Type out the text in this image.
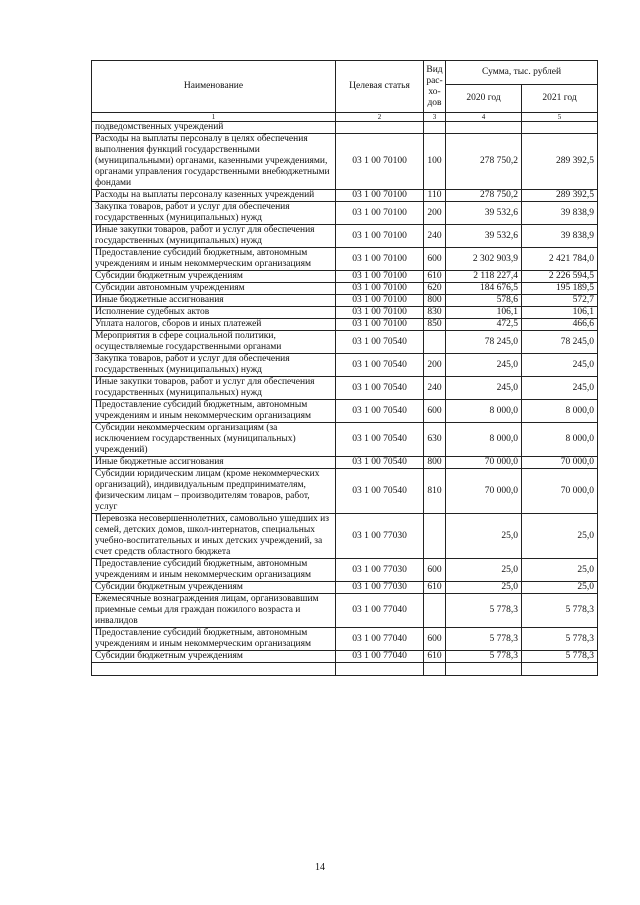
Наименование	Целевая статья	Вид рас-хо-дов	Сумма, тыс. рублей	
			2020 год	2021 год
1	2	3	4	5
подведомственных учреждений				
Расходы на выплаты персоналу в целях обеспечения выполнения функций государственными (муниципальными) органами, казенными учреждениями, органами управления государственными внебюджетными фондами	03 1 00 70100	100	278 750,2	289 392,5
Расходы на выплаты персоналу казенных учреждений	03 1 00 70100	110	278 750,2	289 392,5
Закупка товаров, работ и услуг для обеспечения государственных (муниципальных) нужд	03 1 00 70100	200	39 532,6	39 838,9
Иные закупки товаров, работ и услуг для обеспечения государственных (муниципальных) нужд	03 1 00 70100	240	39 532,6	39 838,9
Предоставление субсидий бюджетным, автономным учреждениям и иным некоммерческим организациям	03 1 00 70100	600	2 302 903,9	2 421 784,0
Субсидии бюджетным учреждениям	03 1 00 70100	610	2 118 227,4	2 226 594,5
Субсидии автономным учреждениям	03 1 00 70100	620	184 676,5	195 189,5
Иные бюджетные ассигнования	03 1 00 70100	800	578,6	572,7
Исполнение судебных актов	03 1 00 70100	830	106,1	106,1
Уплата налогов, сборов и иных платежей	03 1 00 70100	850	472,5	466,6
Мероприятия в сфере социальной политики, осуществляемые государственными органами	03 1 00 70540		78 245,0	78 245,0
Закупка товаров, работ и услуг для обеспечения государственных (муниципальных) нужд	03 1 00 70540	200	245,0	245,0
Иные закупки товаров, работ и услуг для обеспечения государственных (муниципальных) нужд	03 1 00 70540	240	245,0	245,0
Предоставление субсидий бюджетным, автономным учреждениям и иным некоммерческим организациям	03 1 00 70540	600	8 000,0	8 000,0
Субсидии некоммерческим организациям (за исключением государственных (муниципальных) учреждений)	03 1 00 70540	630	8 000,0	8 000,0
Иные бюджетные ассигнования	03 1 00 70540	800	70 000,0	70 000,0
Субсидии юридическим лицам (кроме некоммерческих организаций), индивидуальным предпринимателям, физическим лицам – производителям товаров, работ, услуг	03 1 00 70540	810	70 000,0	70 000,0
Перевозка несовершеннолетних, самовольно ушедших из семей, детских домов, школ-интернатов, специальных учебно-воспитательных и иных детских учреждений, за счет средств областного бюджета	03 1 00 77030		25,0	25,0
Предоставление субсидий бюджетным, автономным учреждениям и иным некоммерческим организациям	03 1 00 77030	600	25,0	25,0
Субсидии бюджетным учреждениям	03 1 00 77030	610	25,0	25,0
Ежемесячные вознаграждения лицам, организовавшим приемные семьи для граждан пожилого возраста и инвалидов	03 1 00 77040		5 778,3	5 778,3
Предоставление субсидий бюджетным, автономным учреждениям и иным некоммерческим организациям	03 1 00 77040	600	5 778,3	5 778,3
Субсидии бюджетным учреждениям	03 1 00 77040	610	5 778,3	5 778,3

14
